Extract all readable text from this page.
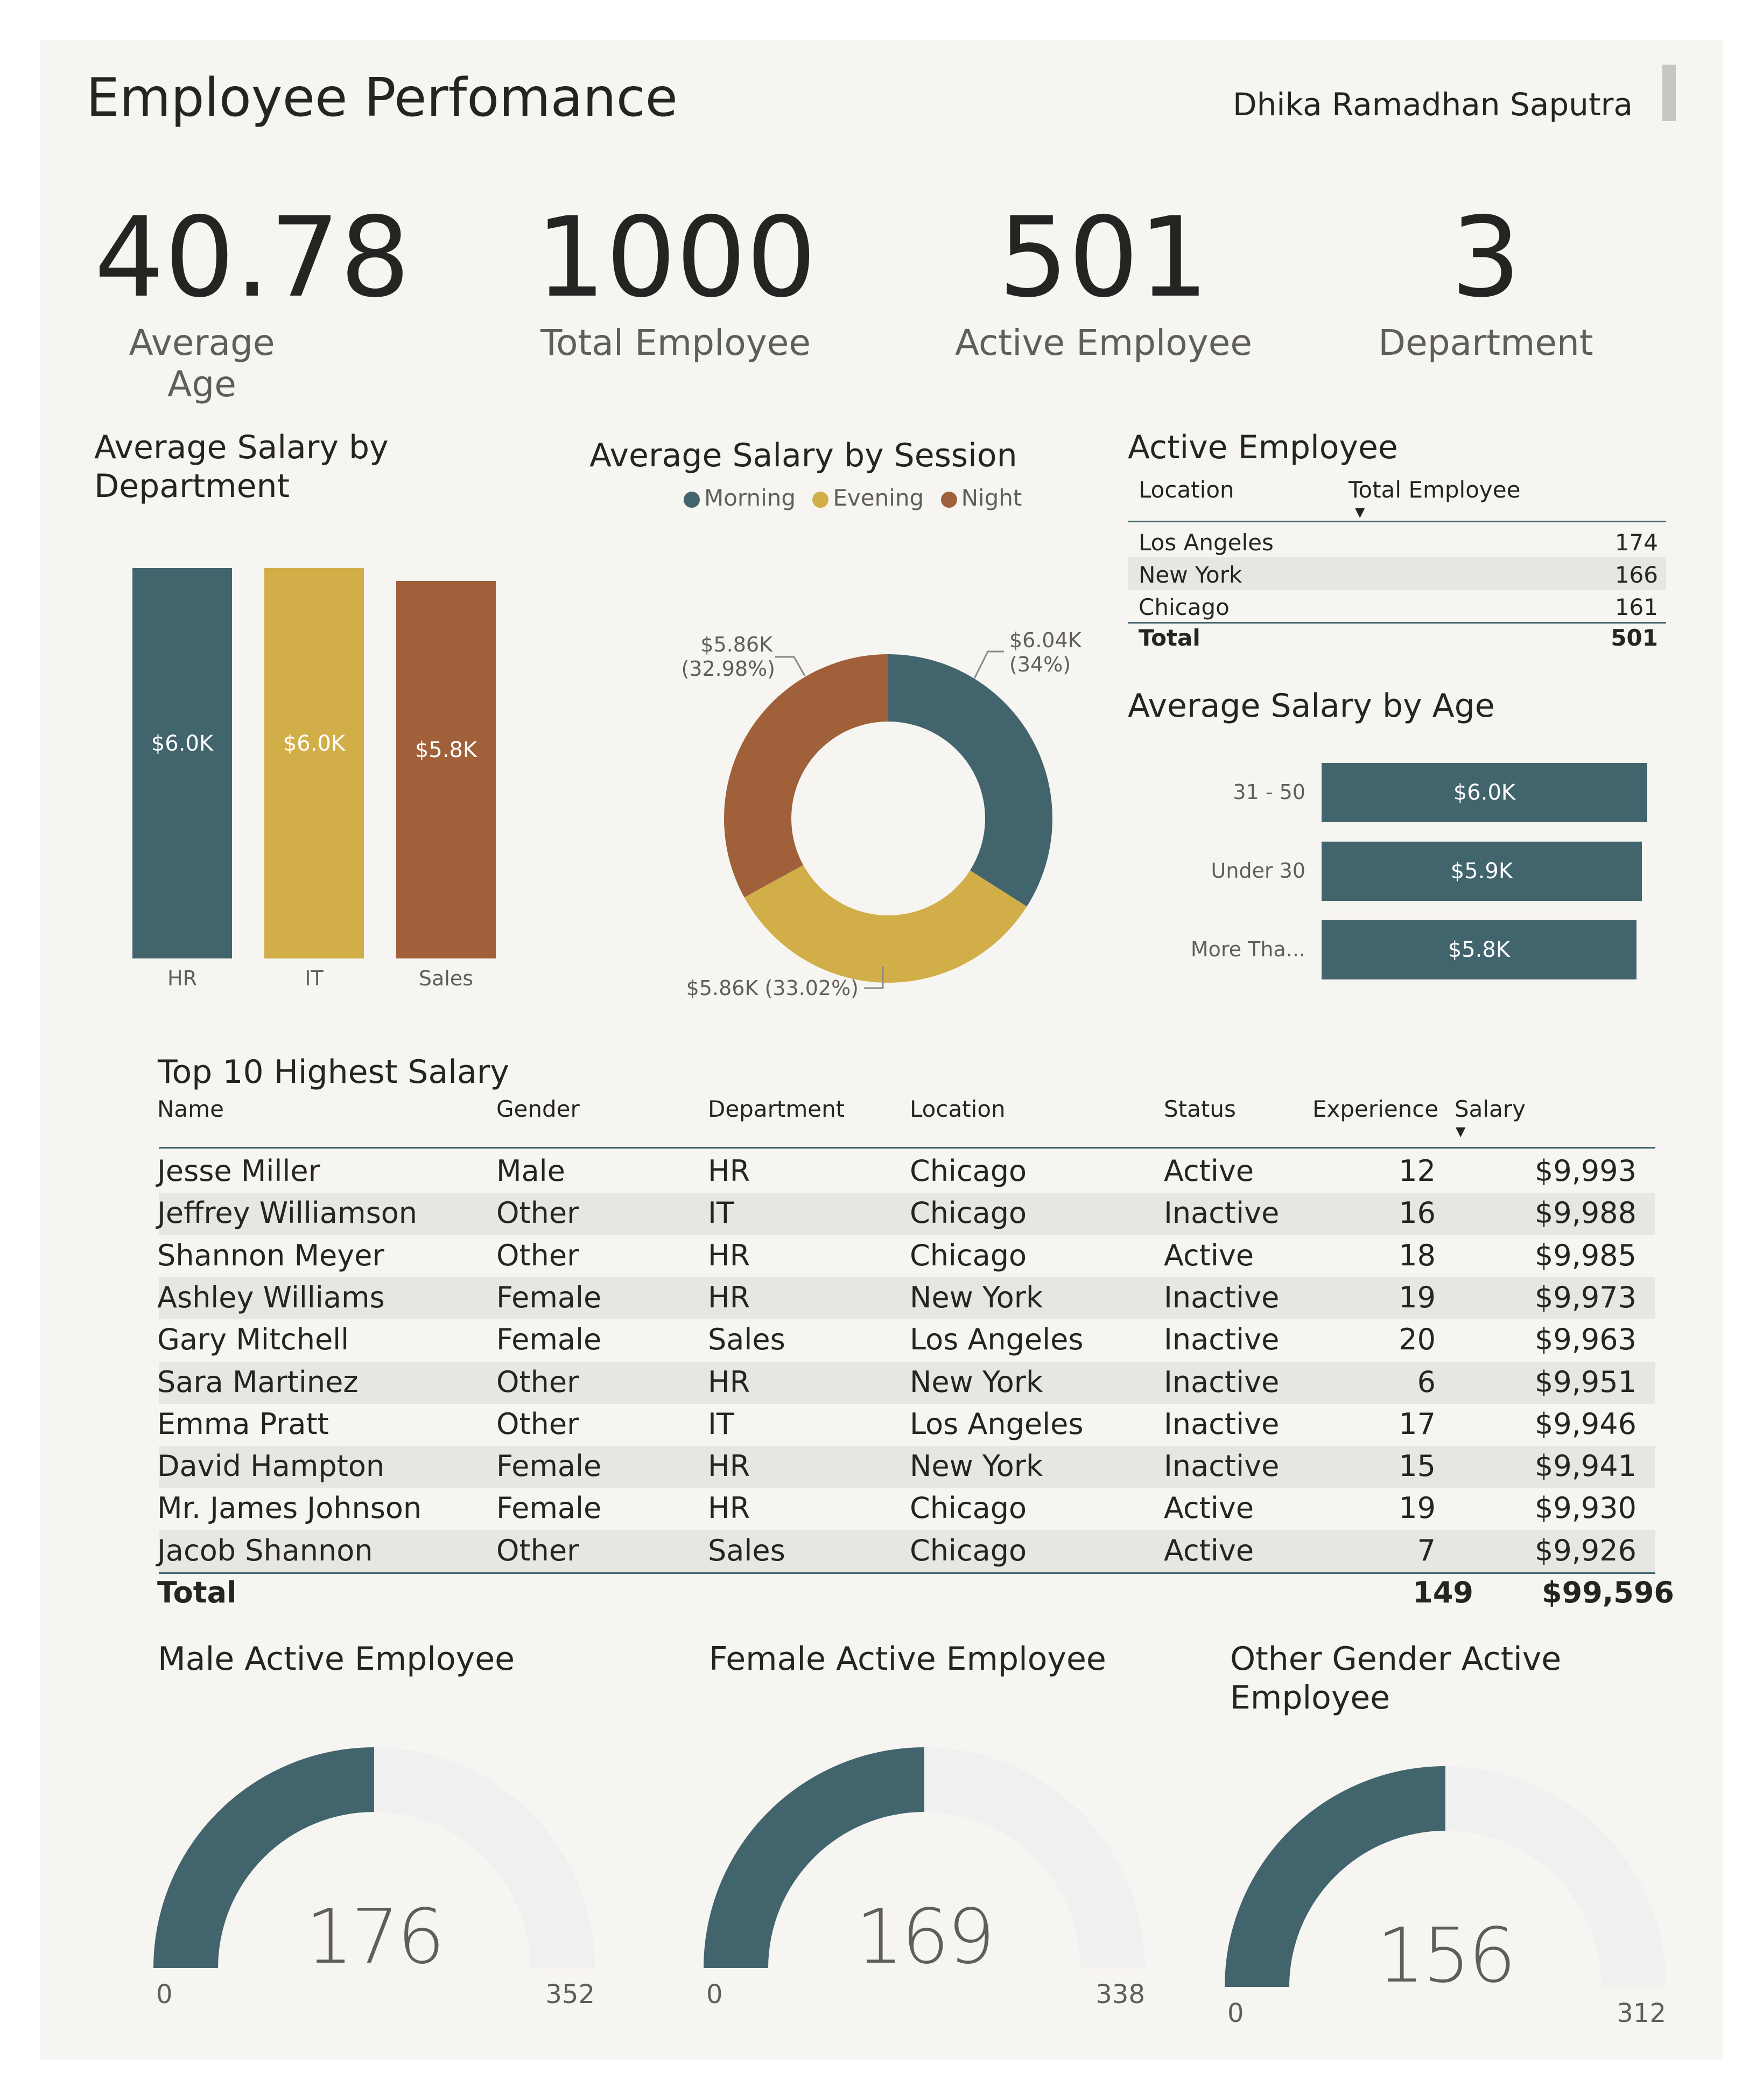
Employee Perfomance	Dhika Ramadhan Saputra
40.78
Average Age
1000
Total Employee
501
Active Employee
3
Department
Average Salary by Department
$6.0K
HR
$6.0K
IT
$5.8K
Sales
Average Salary by Session
Morning Evening Night
$6.04K
(34%)
$5.86K (33.02%)
$5.86K
(32.98%)
Active Employee
Location	Total Employee
▼
Los Angeles	174
New York	166
Chicago	161
Total	501
Average Salary by Age
$6.0K
31 - 50
$5.9K
Under 30
$5.8K
More Tha...
Top 10 Highest Salary
Name	Gender	Department	Location	Status	Experience Salary
▼
Jesse Miller	Male	HR	Chicago	Active	12	$9,993
Jeffrey Williamson	Other	IT	Chicago	Inactive	16	$9,988
Shannon Meyer	Other	HR	Chicago	Active	18	$9,985
Ashley Williams	Female	HR	New York	Inactive	19	$9,973
Gary Mitchell	Female	Sales	Los Angeles	Inactive	20	$9,963
Sara Martinez	Other	HR	New York	Inactive	6	$9,951
Emma Pratt	Other	IT	Los Angeles	Inactive	17	$9,946
David Hampton	Female	HR	New York	Inactive	15	$9,941
Mr. James Johnson	Female	HR	Chicago	Active	19	$9,930
Jacob Shannon	Other	Sales	Chicago	Active	7	$9,926
Total	149 $99,596
Male Active Employee	Female Active Employee	Other Gender Active Employee
176
0	352
169
0	338	156
0	312
